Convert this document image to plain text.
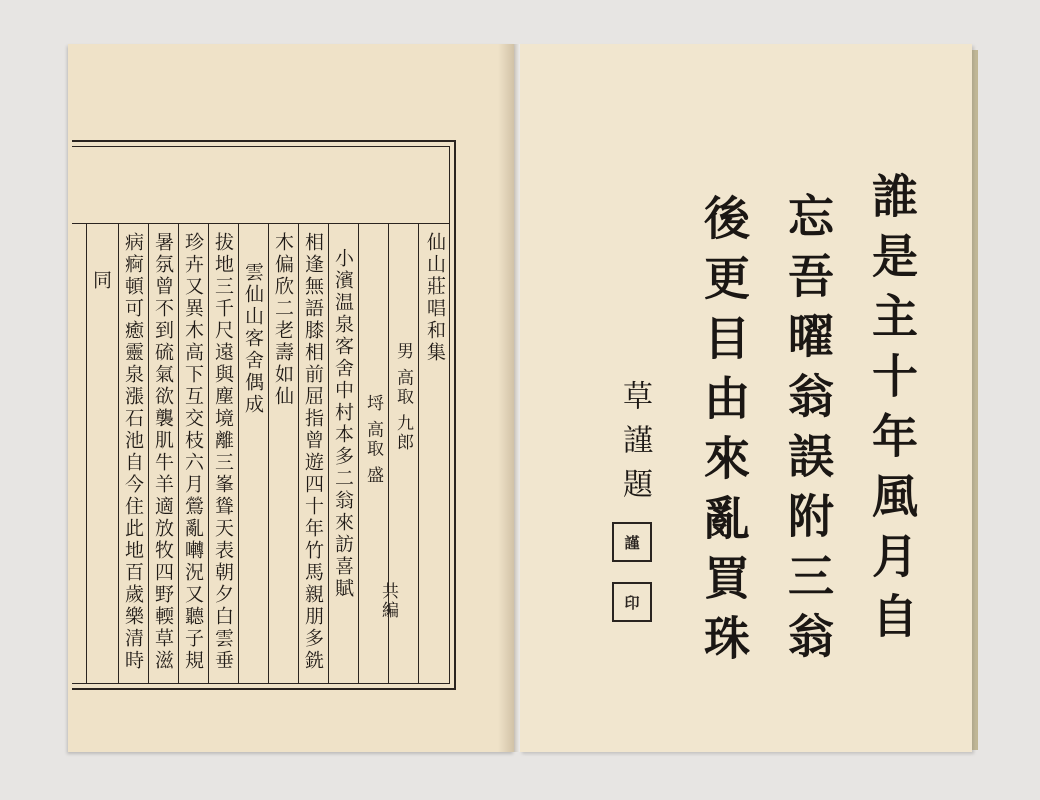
仙山莊唱和集
男 高取 九郎
共編
埒 高取 盛
小濱温泉客舍中村本多二翁來訪喜賦
相逢無語膝相前屈指曾遊四十年竹馬親朋多銑
木偏欣二老壽如仙
雲仙山客舍偶成
拔地三千尺遠與塵境離三峯聳天表朝夕白雲垂
珍卉又異木高下互交枝六月鶯亂囀況又聽子規
暑氛曾不到硫氣欲襲肌牛羊適放牧四野輭草滋
病痾頓可癒靈泉漲石池自今住此地百歲樂清時
同	誰是主十年風月自
忘吾曜翁誤附三翁
後更目由來亂買珠
草謹題
謹
印
